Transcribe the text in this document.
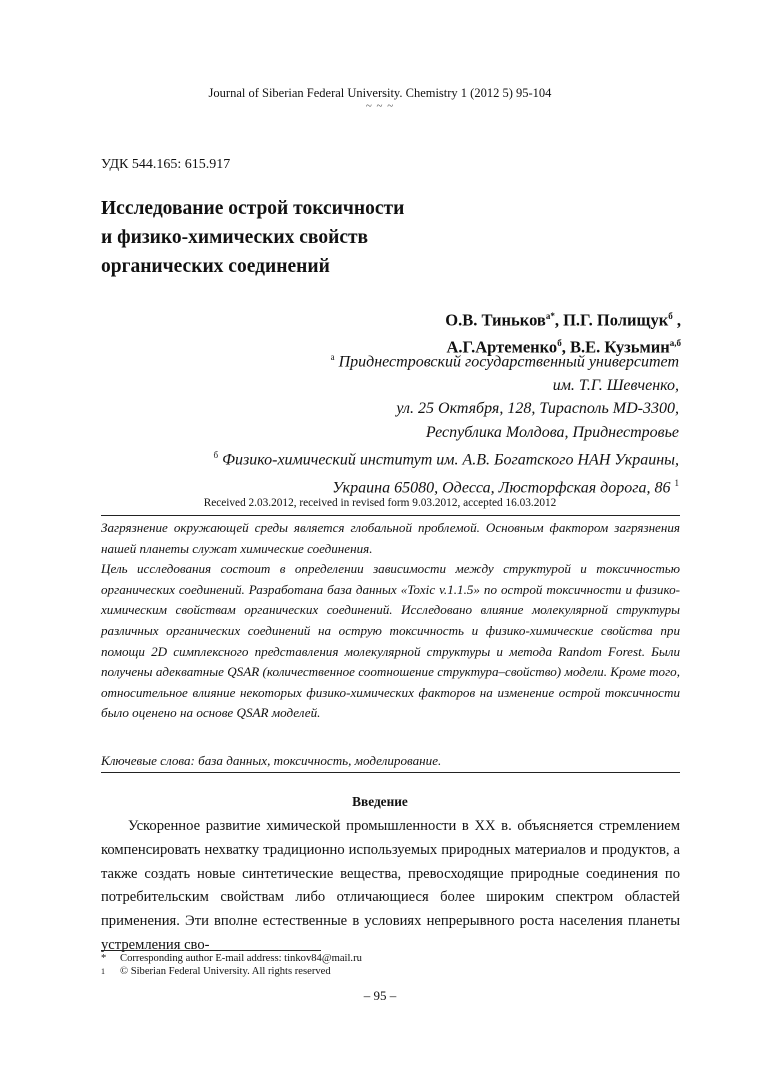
Journal of Siberian Federal University. Chemistry 1 (2012 5) 95-104
~ ~ ~
УДК 544.165: 615.917
Исследование острой токсичности
и физико-химических свойств
органических соединений
О.В. Тиньков$^{а*}$, П.Г. Полищук$^б$ ,
А.Г.Артеменко$^б$, В.Е. Кузьмин$^{а,б}$
$^а$ Приднестровский государственный университет
им. Т.Г. Шевченко,
ул. 25 Октября, 128, Тирасполь MD-3300,
Республика Молдова, Приднестровье
$^б$ Физико-химический институт им. А.В. Богатского НАН Украины,
Украина 65080, Одесса, Люсторфская дорога, 86 $^1$
Received 2.03.2012, received in revised form 9.03.2012, accepted 16.03.2012

Загрязнение окружающей среды является глобальной проблемой. Основным фактором загрязнения нашей планеты служат химические соединения.

Цель исследования состоит в определении зависимости между структурой и токсичностью органических соединений. Разработана база данных «Toxic v.1.1.5» по острой токсичности и физико-химическим свойствам органических соединений. Исследовано влияние молекулярной структуры различных органических соединений на острую токсичность и физико-химические свойства при помощи 2D симплексного представления молекулярной структуры и метода Random Forest. Были получены адекватные QSAR (количественное соотношение структура–свойство) модели. Кроме того, относительное влияние некоторых физико-химических факторов на изменение острой токсичности было оценено на основе QSAR моделей.

Ключевые слова: база данных, токсичность, моделирование.
Введение

Ускоренное развитие химической промышленности в XX в. объясняется стремлением компенсировать нехватку традиционно используемых природных материалов и продуктов, а также создать новые синтетические вещества, превосходящие природные соединения по потребительским свойствам либо отличающиеся более широким спектром областей применения. Эти вполне естественные в условиях непрерывного роста населения планеты устремления сво-

* Corresponding author E-mail address: tinkov84@mail.ru
1 © Siberian Federal University. All rights reserved
– 95 –
